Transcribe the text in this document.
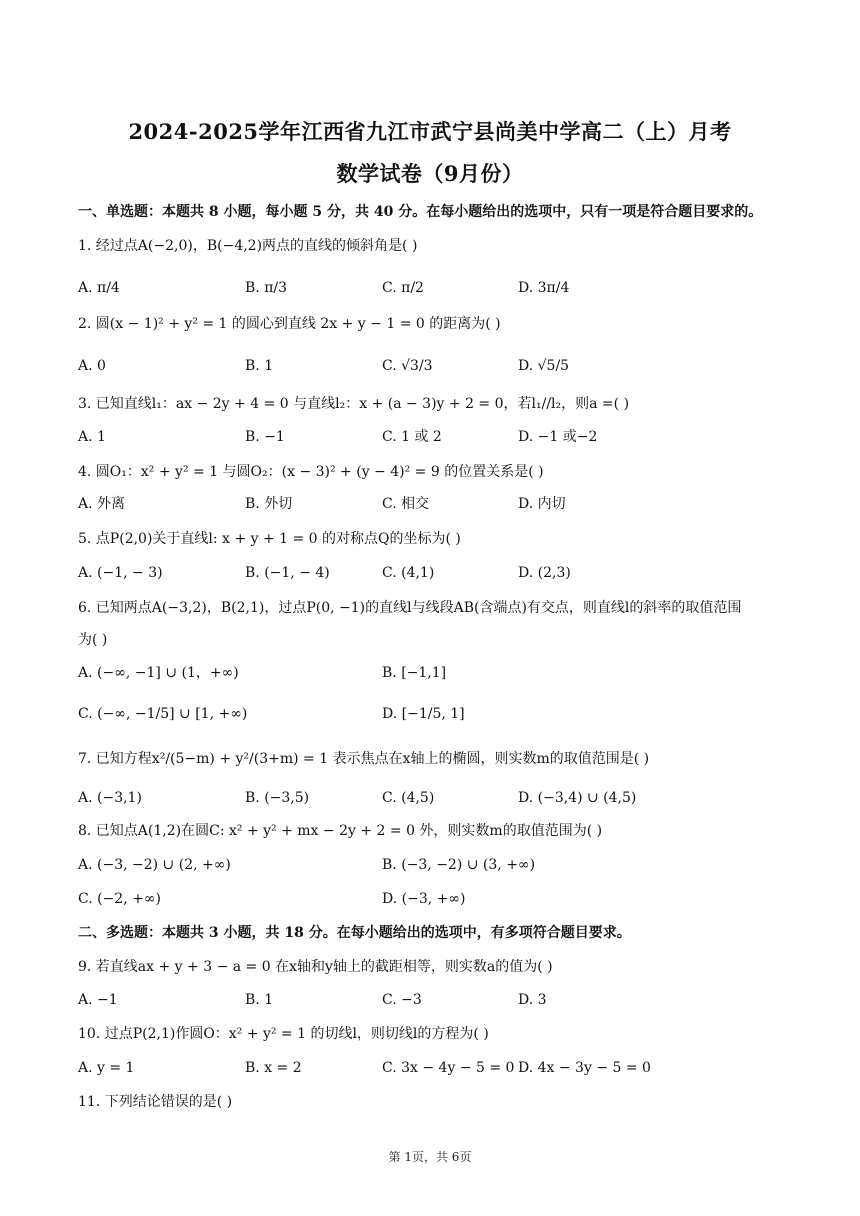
2024-2025学年江西省九江市武宁县尚美中学高二（上）月考
数学试卷（9月份）
一、单选题：本题共 8 小题，每小题 5 分，共 40 分。在每小题给出的选项中，只有一项是符合题目要求的。
1. 经过点A(−2,0)，B(−4,2)两点的直线的倾斜角是( )
A. π/4	B. π/3	C. π/2	D. 3π/4
2. 圆(x − 1)² + y² = 1 的圆心到直线 2x + y − 1 = 0 的距离为( )
A. 0	B. 1	C. √3/3	D. √5/5
3. 已知直线l₁：ax − 2y + 4 = 0 与直线l₂：x + (a − 3)y + 2 = 0，若l₁//l₂，则a =( )
A. 1	B. −1	C. 1 或 2	D. −1 或−2
4. 圆O₁：x² + y² = 1 与圆O₂：(x − 3)² + (y − 4)² = 9 的位置关系是( )
A. 外离	B. 外切	C. 相交	D. 内切
5. 点P(2,0)关于直线l: x + y + 1 = 0 的对称点Q的坐标为( )
A. (−1, − 3)	B. (−1, − 4)	C. (4,1)	D. (2,3)
6. 已知两点A(−3,2)，B(2,1)，过点P(0, −1)的直线l与线段AB(含端点)有交点，则直线l的斜率的取值范围
为( )
A. (−∞, −1] ∪ (1，+∞)	B. [−1,1]
C. (−∞, −1/5] ∪ [1, +∞)	D. [−1/5, 1]
7. 已知方程x²/(5−m) + y²/(3+m) = 1 表示焦点在x轴上的椭圆，则实数m的取值范围是( )
A. (−3,1)	B. (−3,5)	C. (4,5)	D. (−3,4) ∪ (4,5)
8. 已知点A(1,2)在圆C: x² + y² + mx − 2y + 2 = 0 外，则实数m的取值范围为( )
A. (−3, −2) ∪ (2, +∞)	B. (−3, −2) ∪ (3, +∞)
C. (−2, +∞)	D. (−3, +∞)
二、多选题：本题共 3 小题，共 18 分。在每小题给出的选项中，有多项符合题目要求。
9. 若直线ax + y + 3 − a = 0 在x轴和y轴上的截距相等，则实数a的值为( )
A. −1	B. 1	C. −3	D. 3
10. 过点P(2,1)作圆O：x² + y² = 1 的切线l，则切线l的方程为( )
A. y = 1	B. x = 2	C. 3x − 4y − 5 = 0 D. 4x − 3y − 5 = 0
11. 下列结论错误的是( )
第 1页，共 6页
